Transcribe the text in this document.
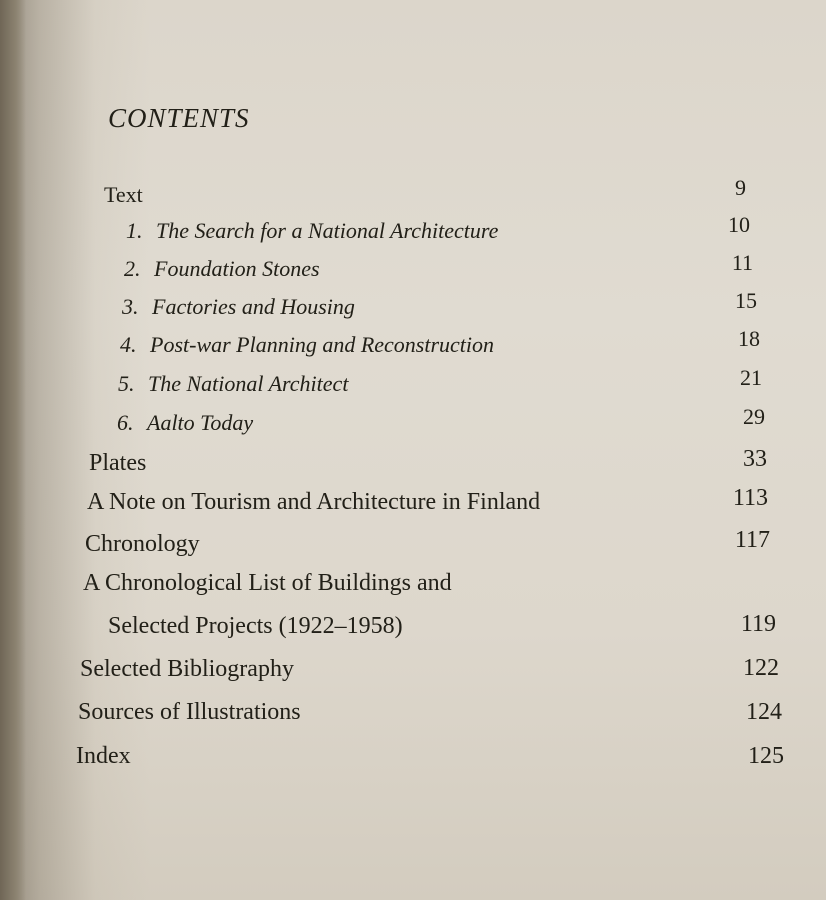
CONTENTS
Text	9
1. The Search for a National Architecture	10
2. Foundation Stones	11
3. Factories and Housing	15
4. Post-war Planning and Reconstruction	18
5. The National Architect	21
6. Aalto Today	29
Plates	33
A Note on Tourism and Architecture in Finland	113
Chronology	117
A Chronological List of Buildings and
Selected Projects (1922–1958)	119
Selected Bibliography	122
Sources of Illustrations	124
Index	125
